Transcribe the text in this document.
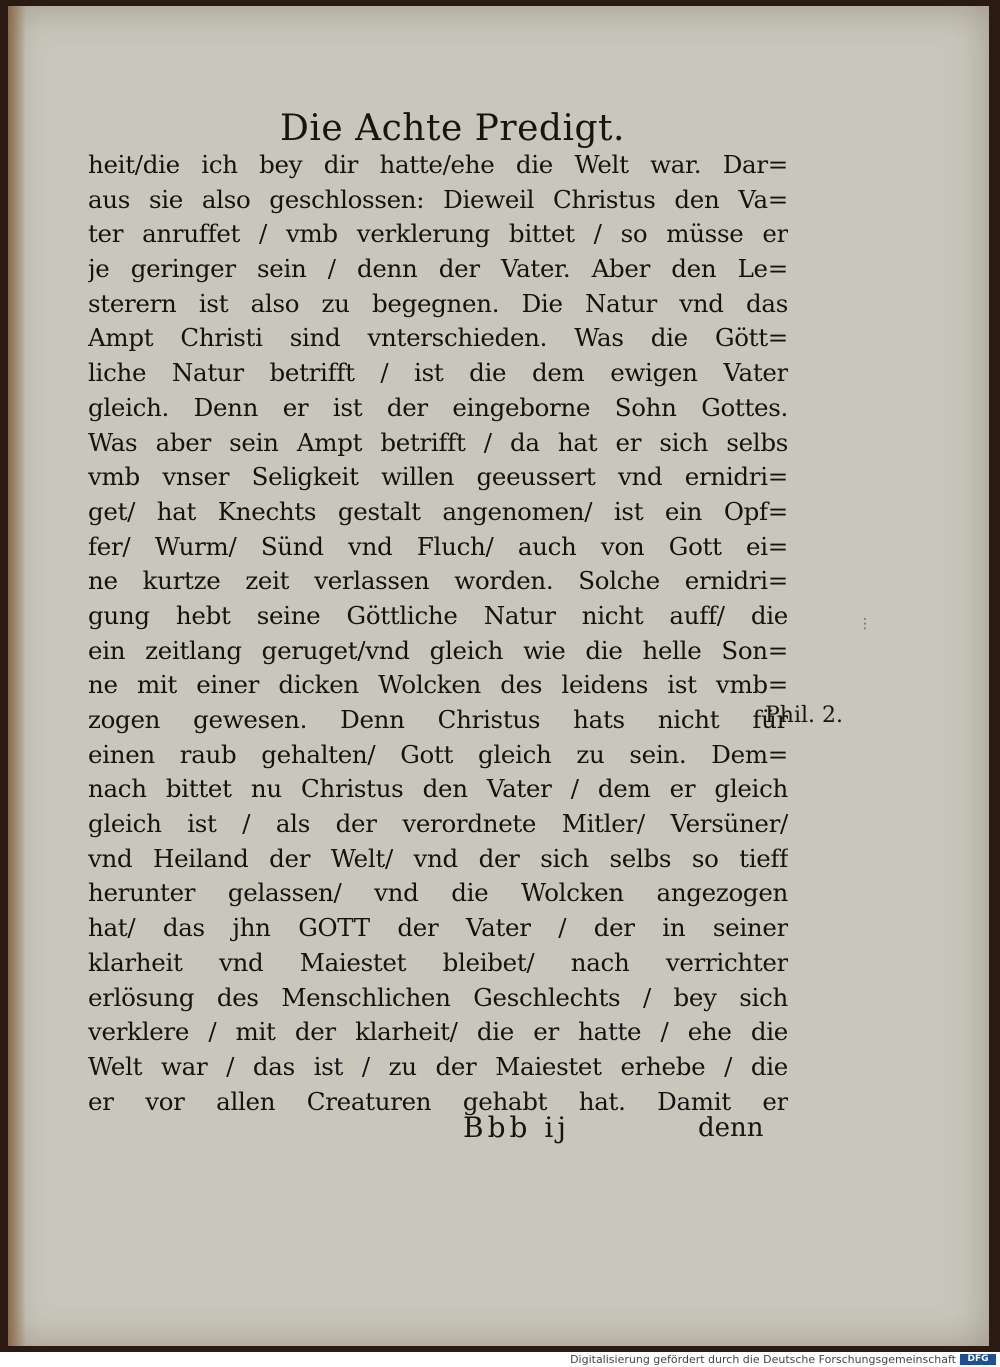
Die Achte Predigt.
heit/die ich bey dir hatte/ehe die Welt war. Dar=
aus sie also geschlossen: Dieweil Christus den Va=
ter anruffet / vmb verklerung bittet / so müsse er
je geringer sein / denn der Vater. Aber den Le=
sterern ist also zu begegnen. Die Natur vnd das
Ampt Christi sind vnterschieden. Was die Gött=
liche Natur betrifft / ist die dem ewigen Vater
gleich. Denn er ist der eingeborne Sohn Gottes.
Was aber sein Ampt betrifft / da hat er sich selbs
vmb vnser Seligkeit willen geeussert vnd ernidri=
get/ hat Knechts gestalt angenomen/ ist ein Opf=
fer/ Wurm/ Sünd vnd Fluch/ auch von Gott ei=
ne kurtze zeit verlassen worden. Solche ernidri=
gung hebt seine Göttliche Natur nicht auff/ die
ein zeitlang geruget/vnd gleich wie die helle Son=
ne mit einer dicken Wolcken des leidens ist vmb=
zogen gewesen. Denn Christus hats nicht für
einen raub gehalten/ Gott gleich zu sein. Dem=
nach bittet nu Christus den Vater / dem er gleich
gleich ist / als der verordnete Mitler/ Versüner/
vnd Heiland der Welt/ vnd der sich selbs so tieff
herunter gelassen/ vnd die Wolcken angezogen
hat/ das jhn GOTT der Vater / der in seiner
klarheit vnd Maiestet bleibet/ nach verrichter
erlösung des Menschlichen Geschlechts / bey sich
verklere / mit der klarheit/ die er hatte / ehe die
Welt war / das ist / zu der Maiestet erhebe / die
er vor allen Creaturen gehabt hat. Damit er
Phil. 2.
⋮
Bbb ij	denn
Digitalisierung gefördert durch die Deutsche Forschungsgemeinschaft	DFG
